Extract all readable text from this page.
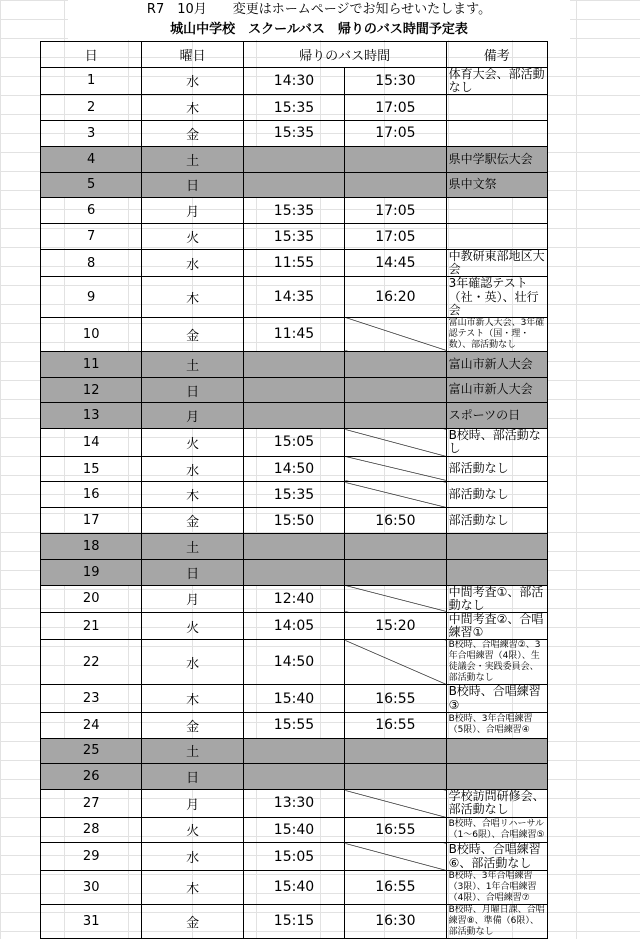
R7　10月　　変更はホームページでお知らせいたします。
城山中学校　スクールバス　帰りのバス時間予定表
日	曜日	帰りのバス時間		備考
1	水	14:30	15:30	体育大会、部活動なし
2	木	15:35	17:05	
3	金	15:35	17:05	
4	土			県中学駅伝大会
5	日			県中文祭
6	月	15:35	17:05	
7	火	15:35	17:05	
8	水	11:55	14:45	中教研東部地区大会
9	木	14:35	16:20	3年確認テスト（社・英）、壮行会
10	金	11:45		富山市新人大会、3年確認テスト（国・理・数）、部活動なし
11	土			富山市新人大会
12	日			富山市新人大会
13	月			スポーツの日
14	火	15:05		B校時、部活動なし
15	水	14:50		部活動なし
16	木	15:35		部活動なし
17	金	15:50	16:50	部活動なし
18	土			
19	日			
20	月	12:40		中間考査①、部活動なし
21	火	14:05	15:20	中間考査②、合唱練習①
22	水	14:50		B校時、合唱練習②、3年合唱練習（4限）、生徒議会・実践委員会、部活動なし
23	木	15:40	16:55	B校時、合唱練習③
24	金	15:55	16:55	B校時、3年合唱練習（5限）、合唱練習④
25	土			
26	日			
27	月	13:30		学校訪問研修会、部活動なし
28	火	15:40	16:55	B校時、合唱リハーサル（1～6限）、合唱練習⑤
29	水	15:05		B校時、合唱練習⑥、部活動なし
30	木	15:40	16:55	B校時、3年合唱練習（3限）、1年合唱練習（4限）、合唱練習⑦
31	金	15:15	16:30	B校時、月曜日課、合唱練習⑧、準備（6限）、部活動なし
